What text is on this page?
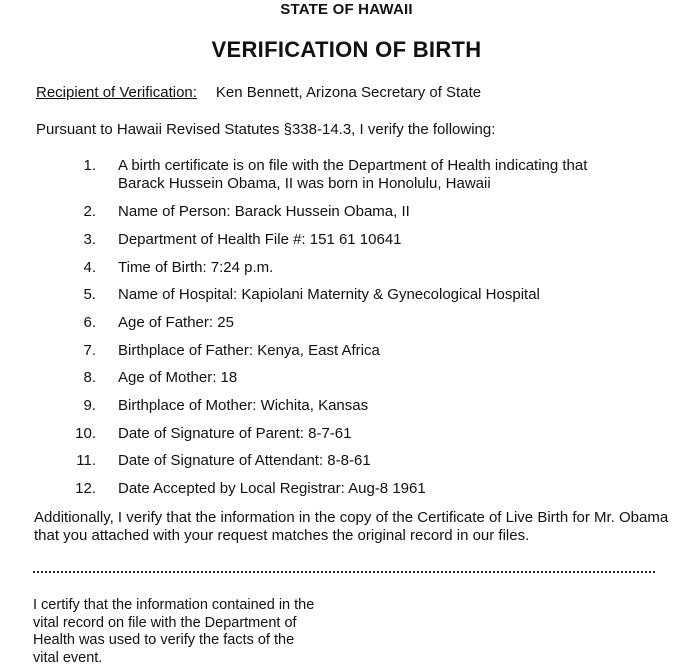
STATE OF HAWAII
VERIFICATION OF BIRTH
Recipient of Verification: Ken Bennett, Arizona Secretary of State
Pursuant to Hawaii Revised Statutes §338-14.3, I verify the following:
1. A birth certificate is on file with the Department of Health indicating that
Barack Hussein Obama, II was born in Honolulu, Hawaii
2. Name of Person: Barack Hussein Obama, II
3. Department of Health File #: 151 61 10641
4. Time of Birth: 7:24 p.m.
5. Name of Hospital: Kapiolani Maternity & Gynecological Hospital
6. Age of Father: 25
7. Birthplace of Father: Kenya, East Africa
8. Age of Mother: 18
9. Birthplace of Mother: Wichita, Kansas
10. Date of Signature of Parent: 8-7-61
11. Date of Signature of Attendant: 8-8-61
12. Date Accepted by Local Registrar: Aug-8 1961
Additionally, I verify that the information in the copy of the Certificate of Live Birth for Mr. Obama that you attached with your request matches the original record in our files.
I certify that the information contained in the vital record on file with the Department of Health was used to verify the facts of the vital event.
